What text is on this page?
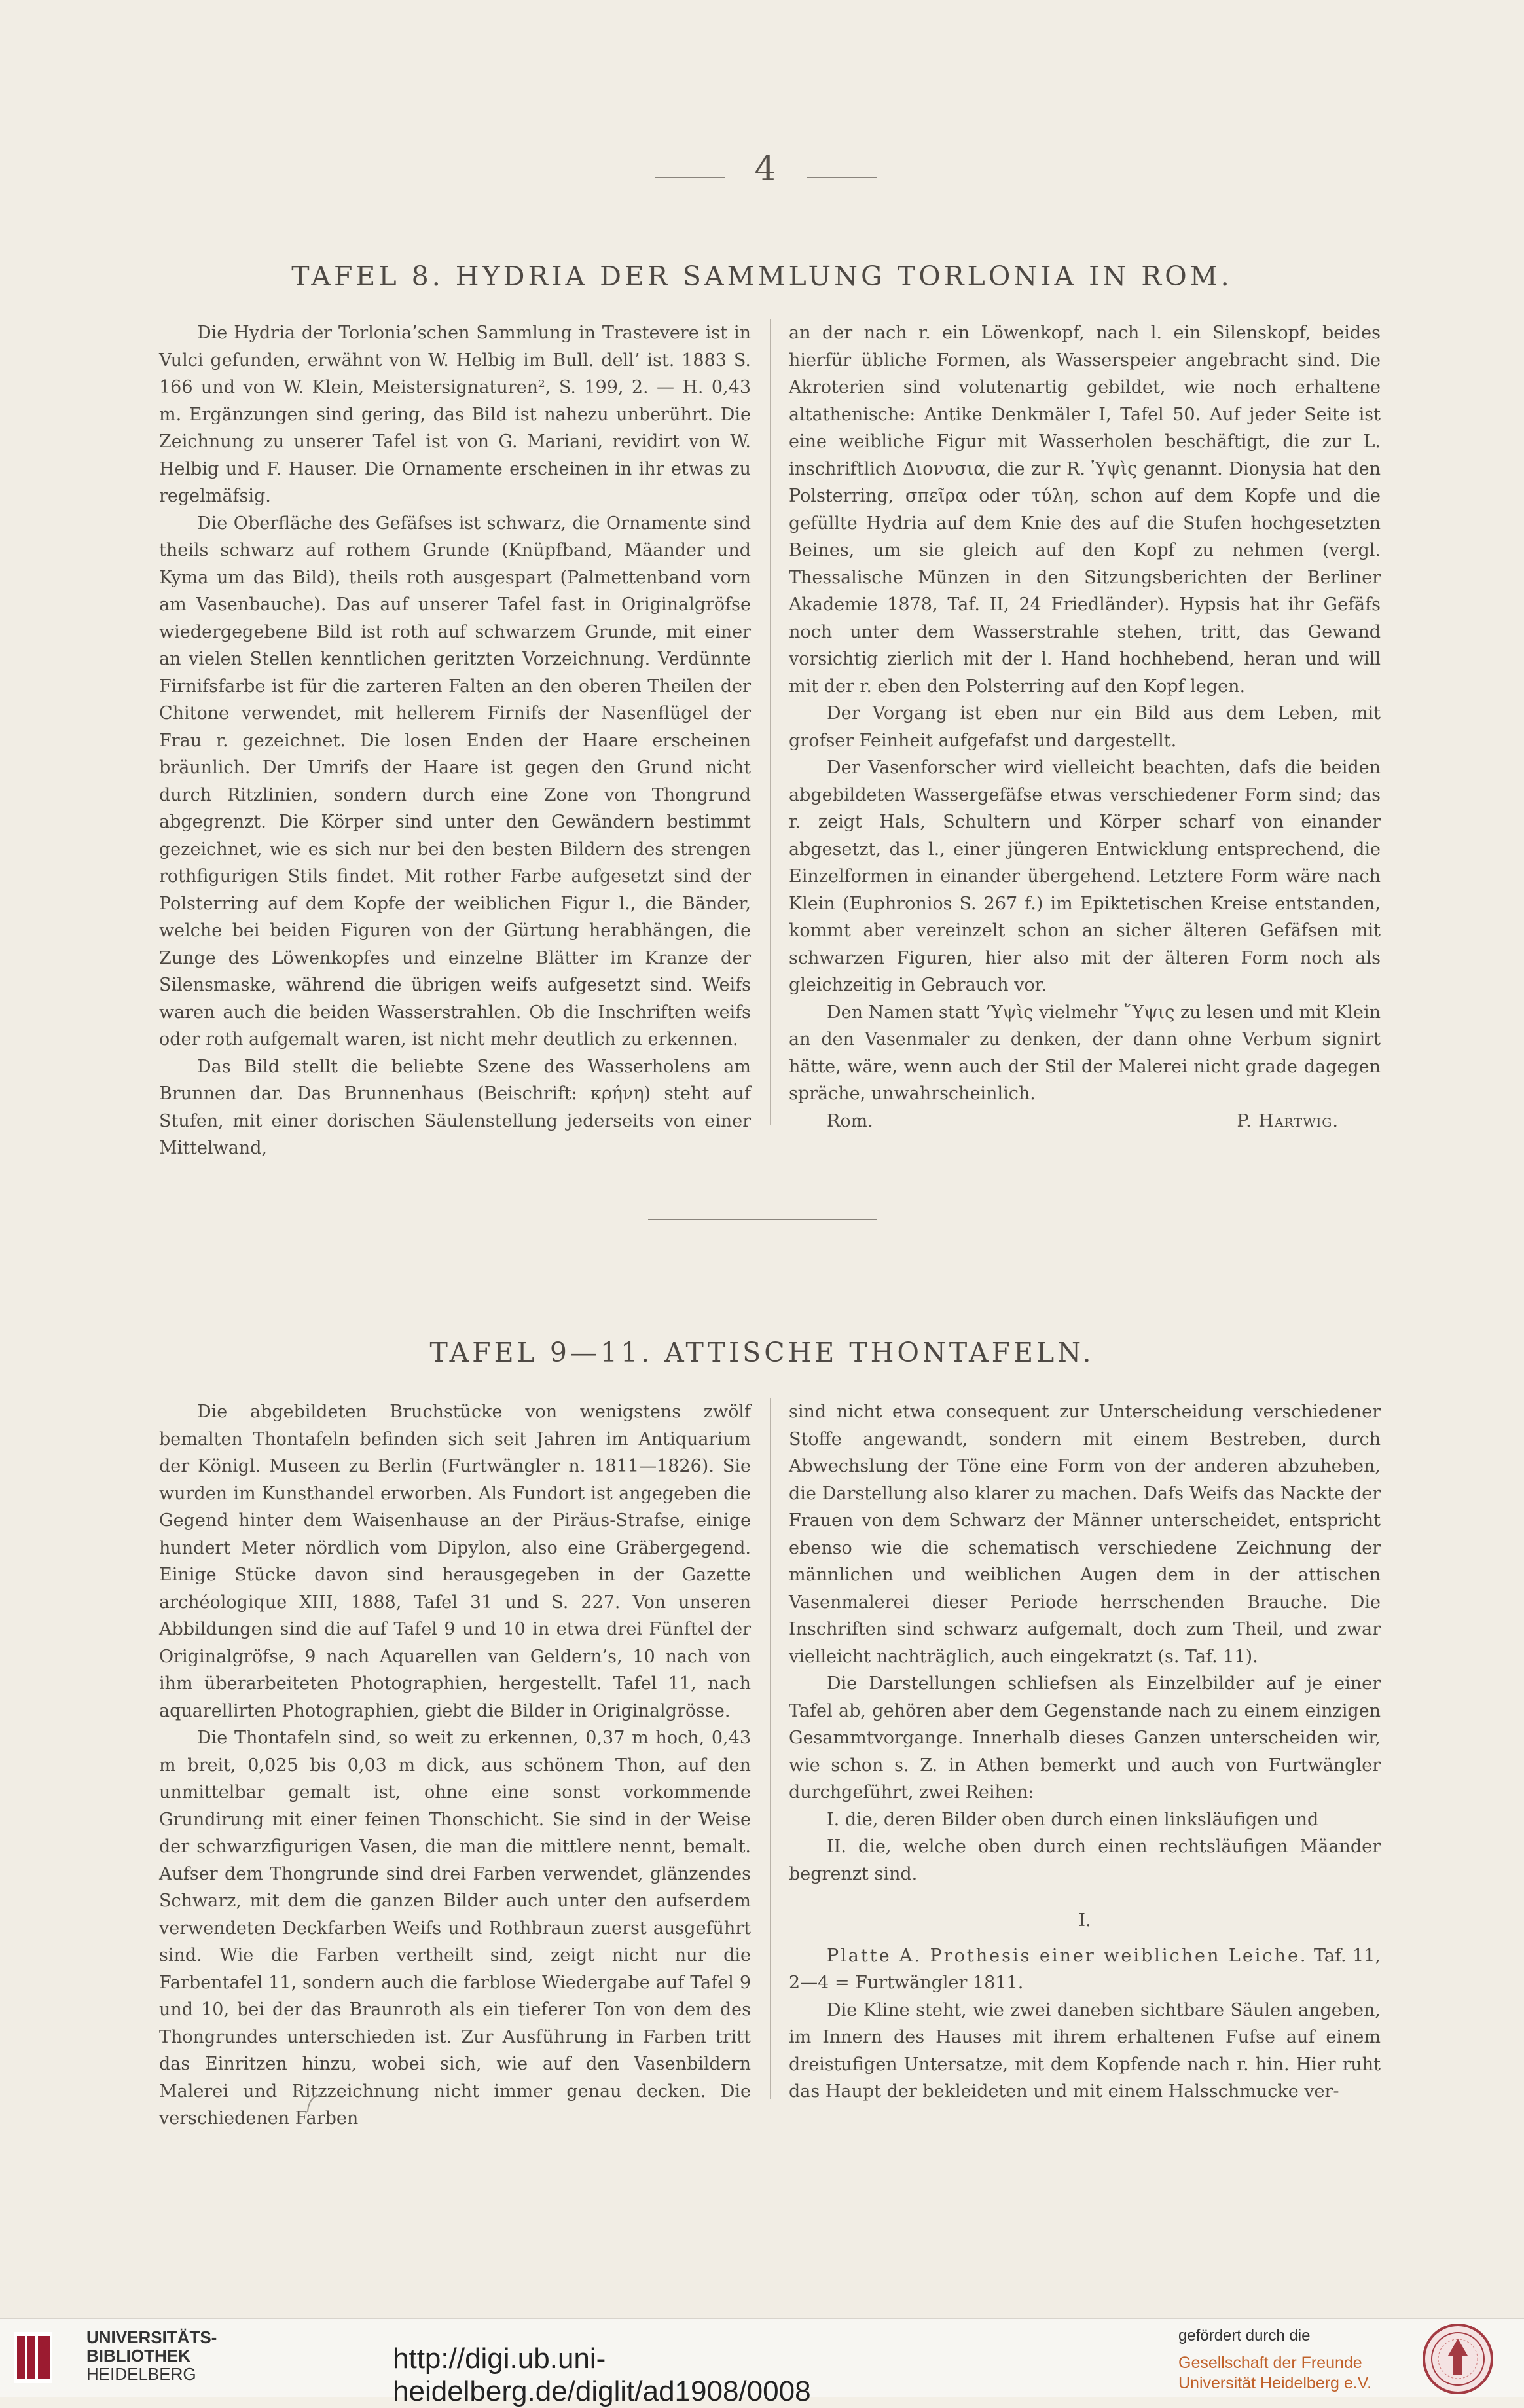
4
TAFEL 8. HYDRIA DER SAMMLUNG TORLONIA IN ROM.

Die Hydria der Torlonia’schen Sammlung in Trastevere ist in Vulci gefunden, erwähnt von W. Helbig im Bull. dell’ ist. 1883 S. 166 und von W. Klein, Meistersignaturen², S. 199, 2. — H. 0,43 m. Ergänzungen sind gering, das Bild ist nahezu unberührt. Die Zeichnung zu unserer Tafel ist von G. Mariani, revidirt von W. Helbig und F. Hauser. Die Ornamente erscheinen in ihr etwas zu regelmäfsig.

Die Oberfläche des Gefäfses ist schwarz, die Ornamente sind theils schwarz auf rothem Grunde (Knüpfband, Mäander und Kyma um das Bild), theils roth ausgespart (Palmettenband vorn am Vasenbauche). Das auf unserer Tafel fast in Originalgröfse wiedergegebene Bild ist roth auf schwarzem Grunde, mit einer an vielen Stellen kenntlichen geritzten Vorzeichnung. Verdünnte Firnifsfarbe ist für die zarteren Falten an den oberen Theilen der Chitone verwendet, mit hellerem Firnifs der Nasenflügel der Frau r. gezeichnet. Die losen Enden der Haare erscheinen bräunlich. Der Umrifs der Haare ist gegen den Grund nicht durch Ritzlinien, sondern durch eine Zone von Thongrund abgegrenzt. Die Körper sind unter den Gewändern bestimmt gezeichnet, wie es sich nur bei den besten Bildern des strengen rothfigurigen Stils findet. Mit rother Farbe aufgesetzt sind der Polsterring auf dem Kopfe der weiblichen Figur l., die Bänder, welche bei beiden Figuren von der Gürtung herabhängen, die Zunge des Löwenkopfes und einzelne Blätter im Kranze der Silensmaske, während die übrigen weifs aufgesetzt sind. Weifs waren auch die beiden Wasserstrahlen. Ob die Inschriften weifs oder roth aufgemalt waren, ist nicht mehr deutlich zu erkennen.

Das Bild stellt die beliebte Szene des Wasserholens am Brunnen dar. Das Brunnenhaus (Beischrift: κρήνη) steht auf Stufen, mit einer dorischen Säulenstellung jederseits von einer Mittelwand,

an der nach r. ein Löwenkopf, nach l. ein Silenskopf, beides hierfür übliche Formen, als Wasserspeier angebracht sind. Die Akroterien sind volutenartig gebildet, wie noch erhaltene altathenische: Antike Denkmäler I, Tafel 50. Auf jeder Seite ist eine weibliche Figur mit Wasserholen beschäftigt, die zur L. inschriftlich Διονυσια, die zur R. Ὑψὶς genannt. Dionysia hat den Polsterring, σπεῖρα oder τύλη, schon auf dem Kopfe und die gefüllte Hydria auf dem Knie des auf die Stufen hochgesetzten Beines, um sie gleich auf den Kopf zu nehmen (vergl. Thessalische Münzen in den Sitzungsberichten der Berliner Akademie 1878, Taf. II, 24 Friedländer). Hypsis hat ihr Gefäfs noch unter dem Wasserstrahle stehen, tritt, das Gewand vorsichtig zierlich mit der l. Hand hochhebend, heran und will mit der r. eben den Polsterring auf den Kopf legen.

Der Vorgang ist eben nur ein Bild aus dem Leben, mit grofser Feinheit aufgefafst und dargestellt.

Der Vasenforscher wird vielleicht beachten, dafs die beiden abgebildeten Wassergefäfse etwas verschiedener Form sind; das r. zeigt Hals, Schultern und Körper scharf von einander abgesetzt, das l., einer jüngeren Entwicklung entsprechend, die Einzelformen in einander übergehend. Letztere Form wäre nach Klein (Euphronios S. 267 f.) im Epiktetischen Kreise entstanden, kommt aber vereinzelt schon an sicher älteren Gefäfsen mit schwarzen Figuren, hier also mit der älteren Form noch als gleichzeitig in Gebrauch vor.

Den Namen statt ’Υψὶς vielmehr ῞Υψις zu lesen und mit Klein an den Vasenmaler zu denken, der dann ohne Verbum signirt hätte, wäre, wenn auch der Stil der Malerei nicht grade dagegen spräche, unwahrscheinlich.

Rom.	P. Hartwig.
TAFEL 9—11. ATTISCHE THONTAFELN.

Die abgebildeten Bruchstücke von wenigstens zwölf bemalten Thontafeln befinden sich seit Jahren im Antiquarium der Königl. Museen zu Berlin (Furtwängler n. 1811—1826). Sie wurden im Kunsthandel erworben. Als Fundort ist angegeben die Gegend hinter dem Waisenhause an der Piräus-Strafse, einige hundert Meter nördlich vom Dipylon, also eine Gräbergegend. Einige Stücke davon sind herausgegeben in der Gazette archéologique XIII, 1888, Tafel 31 und S. 227. Von unseren Abbildungen sind die auf Tafel 9 und 10 in etwa drei Fünftel der Originalgröfse, 9 nach Aquarellen van Geldern’s, 10 nach von ihm überarbeiteten Photographien, hergestellt. Tafel 11, nach aquarellirten Photographien, giebt die Bilder in Originalgrösse.

Die Thontafeln sind, so weit zu erkennen, 0,37 m hoch, 0,43 m breit, 0,025 bis 0,03 m dick, aus schönem Thon, auf den unmittelbar gemalt ist, ohne eine sonst vorkommende Grundirung mit einer feinen Thonschicht. Sie sind in der Weise der schwarzfigurigen Vasen, die man die mittlere nennt, bemalt. Aufser dem Thongrunde sind drei Farben verwendet, glänzendes Schwarz, mit dem die ganzen Bilder auch unter den aufserdem verwendeten Deckfarben Weifs und Rothbraun zuerst ausgeführt sind. Wie die Farben vertheilt sind, zeigt nicht nur die Farbentafel 11, sondern auch die farblose Wiedergabe auf Tafel 9 und 10, bei der das Braunroth als ein tieferer Ton von dem des Thongrundes unterschieden ist. Zur Ausführung in Farben tritt das Einritzen hinzu, wobei sich, wie auf den Vasenbildern Malerei und Ritzzeichnung nicht immer genau decken. Die verschiedenen Farben

sind nicht etwa consequent zur Unterscheidung verschiedener Stoffe angewandt, sondern mit einem Bestreben, durch Abwechslung der Töne eine Form von der anderen abzuheben, die Darstellung also klarer zu machen. Dafs Weifs das Nackte der Frauen von dem Schwarz der Männer unterscheidet, entspricht ebenso wie die schematisch verschiedene Zeichnung der männlichen und weiblichen Augen dem in der attischen Vasenmalerei dieser Periode herrschenden Brauche. Die Inschriften sind schwarz aufgemalt, doch zum Theil, und zwar vielleicht nachträglich, auch eingekratzt (s. Taf. 11).

Die Darstellungen schliefsen als Einzelbilder auf je einer Tafel ab, gehören aber dem Gegenstande nach zu einem einzigen Gesammtvorgange. Innerhalb dieses Ganzen unterscheiden wir, wie schon s. Z. in Athen bemerkt und auch von Furtwängler durchgeführt, zwei Reihen:

I. die, deren Bilder oben durch einen linksläufigen und

II. die, welche oben durch einen rechtsläufigen Mäander begrenzt sind.

I.

Platte A. Prothesis einer weiblichen Leiche. Taf. 11, 2—4 = Furtwängler 1811.

Die Kline steht, wie zwei daneben sichtbare Säulen angeben, im Innern des Hauses mit ihrem erhaltenen Fufse auf einem dreistufigen Untersatze, mit dem Kopfende nach r. hin. Hier ruht das Haupt der bekleideten und mit einem Halsschmucke ver-

UNIVERSITÄTS-
BIBLIOTHEK
HEIDELBERG	http://digi.ub.uni-heidelberg.de/diglit/ad1908/0008
gefördert durch die
Gesellschaft der Freunde
Universität Heidelberg e.V.
